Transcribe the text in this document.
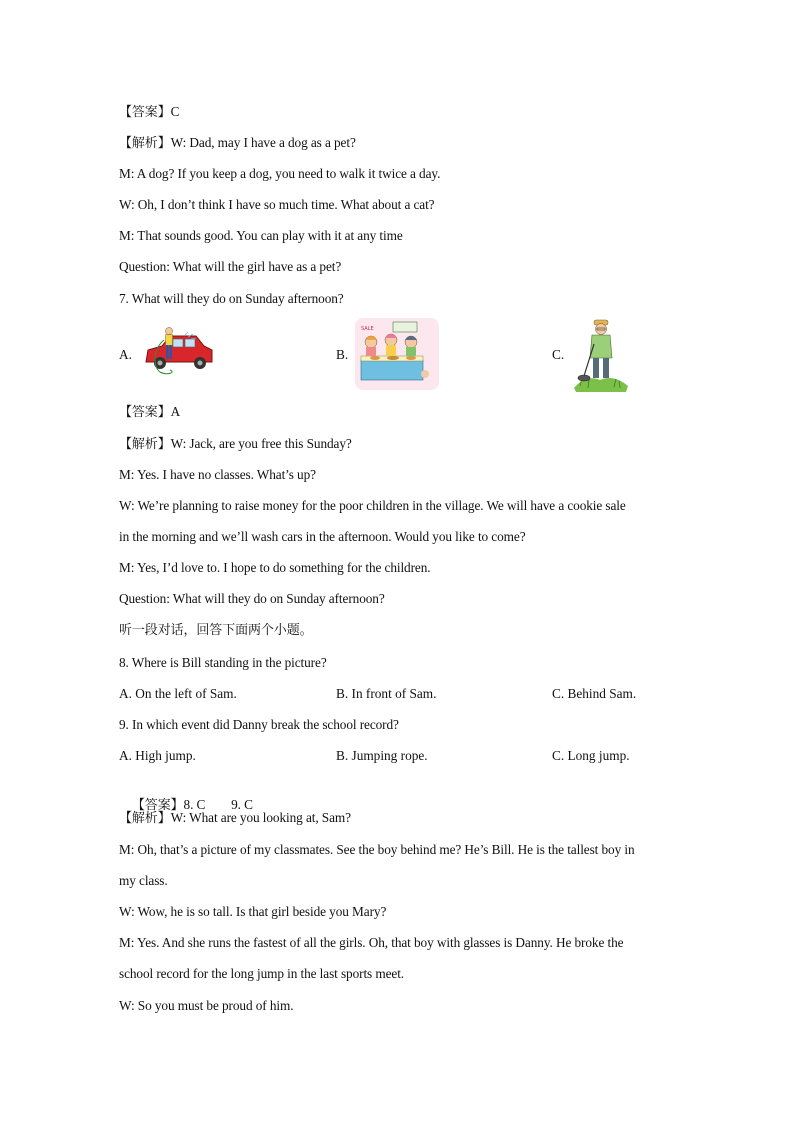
【答案】C
【解析】W: Dad, may I have a dog as a pet?
M: A dog? If you keep a dog, you need to walk it twice a day.
W: Oh, I don’t think I have so much time. What about a cat?
M: That sounds good. You can play with it at any time
Question: What will the girl have as a pet?
7. What will they do on Sunday afternoon?
A.	B.
SALE
C.
【答案】A
【解析】W: Jack, are you free this Sunday?
M: Yes. I have no classes. What’s up?
W: We’re planning to raise money for the poor children in the village. We will have a cookie sale
in the morning and we’ll wash cars in the afternoon. Would you like to come?
M: Yes, I’d love to. I hope to do something for the children.
Question: What will they do on Sunday afternoon?
听一段对话，回答下面两个小题。
8. Where is Bill standing in the picture?
A. On the left of Sam.	B. In front of Sam.	C. Behind Sam.
9. In which event did Danny break the school record?
A. High jump.	B. Jumping rope.	C. Long jump.

【答案】8. C        9. C

【解析】W: What are you looking at, Sam?
M: Oh, that’s a picture of my classmates. See the boy behind me? He’s Bill. He is the tallest boy in
my class.
W: Wow, he is so tall. Is that girl beside you Mary?
M: Yes. And she runs the fastest of all the girls. Oh, that boy with glasses is Danny. He broke the
school record for the long jump in the last sports meet.
W: So you must be proud of him.
